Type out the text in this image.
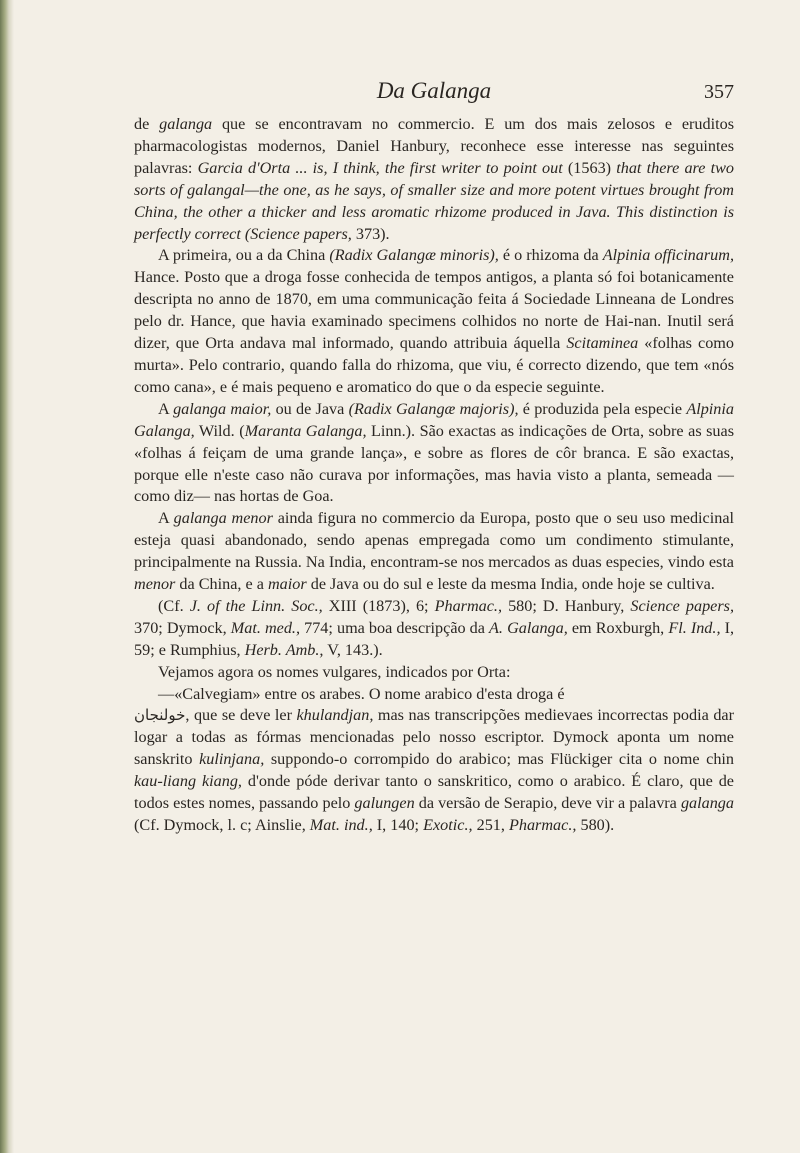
Da Galanga	357

de galanga que se encontravam no commercio. E um dos mais zelosos e eruditos pharmacologistas modernos, Daniel Hanbury, reconhece esse interesse nas seguintes palavras: Garcia d'Orta ... is, I think, the first writer to point out (1563) that there are two sorts of galangal—the one, as he says, of smaller size and more potent virtues brought from China, the other a thicker and less aromatic rhizome produced in Java. This distinction is perfectly correct (Science papers, 373).

A primeira, ou a da China (Radix Galangæ minoris), é o rhizoma da Alpinia officinarum, Hance. Posto que a droga fosse conhecida de tempos antigos, a planta só foi botanicamente descripta no anno de 1870, em uma communicação feita á Sociedade Linneana de Londres pelo dr. Hance, que havia examinado specimens colhidos no norte de Hai-nan. Inutil será dizer, que Orta andava mal informado, quando attribuia áquella Scitaminea «folhas como murta». Pelo contrario, quando falla do rhizoma, que viu, é correcto dizendo, que tem «nós como cana», e é mais pequeno e aromatico do que o da especie seguinte.

A galanga maior, ou de Java (Radix Galangæ majoris), é produzida pela especie Alpinia Galanga, Wild. (Maranta Galanga, Linn.). São exactas as indicações de Orta, sobre as suas «folhas á feiçam de uma grande lança», e sobre as flores de côr branca. E são exactas, porque elle n'este caso não curava por informações, mas havia visto a planta, semeada —como diz— nas hortas de Goa.

A galanga menor ainda figura no commercio da Europa, posto que o seu uso medicinal esteja quasi abandonado, sendo apenas empregada como um condimento stimulante, principalmente na Russia. Na India, encontram-se nos mercados as duas especies, vindo esta menor da China, e a maior de Java ou do sul e leste da mesma India, onde hoje se cultiva.

(Cf. J. of the Linn. Soc., XIII (1873), 6; Pharmac., 580; D. Hanbury, Science papers, 370; Dymock, Mat. med., 774; uma boa descripção da A. Galanga, em Roxburgh, Fl. Ind., I, 59; e Rumphius, Herb. Amb., V, 143.).

Vejamos agora os nomes vulgares, indicados por Orta:

—«Calvegiam» entre os arabes. O nome arabico d'esta droga é

خولنجان, que se deve ler khulandjan, mas nas transcripções medievaes incorrectas podia dar logar a todas as fórmas mencionadas pelo nosso escriptor. Dymock aponta um nome sanskrito kulinjana, suppondo-o corrompido do arabico; mas Flückiger cita o nome chin kau-liang kiang, d'onde póde derivar tanto o sanskritico, como o arabico. É claro, que de todos estes nomes, passando pelo galungen da versão de Serapio, deve vir a palavra galanga (Cf. Dymock, l. c; Ainslie, Mat. ind., I, 140; Exotic., 251, Pharmac., 580).
